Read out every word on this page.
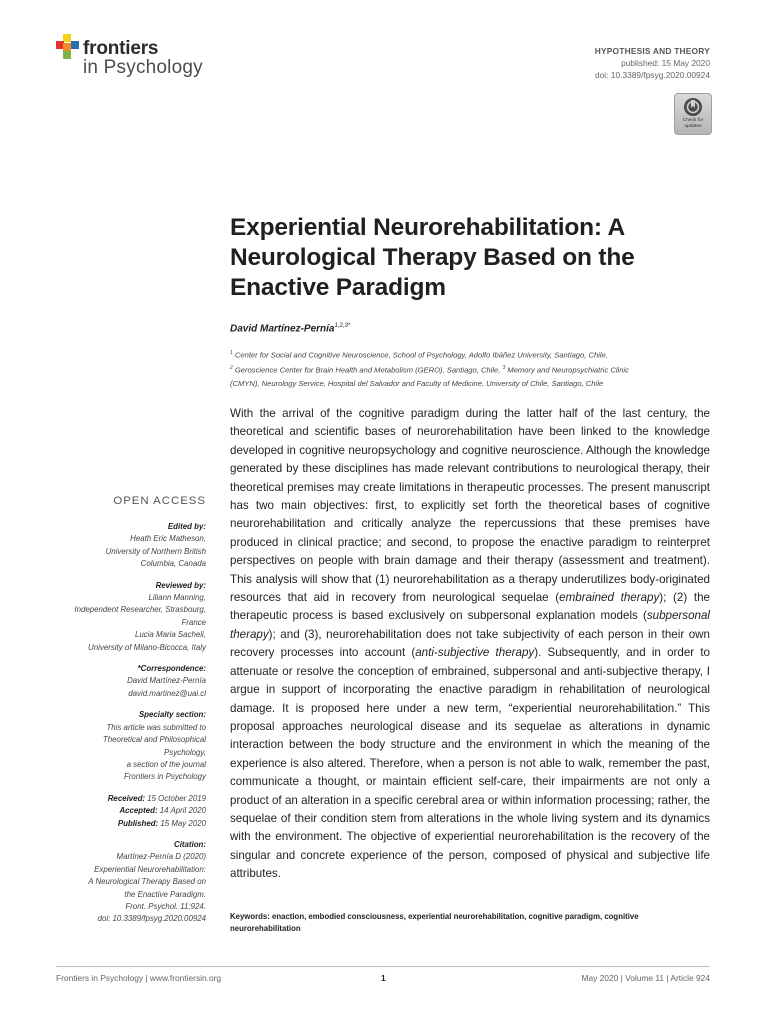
frontiers
in Psychology
HYPOTHESIS AND THEORY
published: 15 May 2020
doi: 10.3389/fpsyg.2020.00924
Check for
updates
Experiential Neurorehabilitation: A
Neurological Therapy Based on the
Enactive Paradigm
David Martínez-Pernía$^{1,2,3*}$
$^1$ Center for Social and Cognitive Neuroscience, School of Psychology, Adolfo Ibáñez University, Santiago, Chile,
$^2$ Geroscience Center for Brain Health and Metabolism (GERO), Santiago, Chile, $^3$ Memory and Neuropsychiatric Clinic
(CMYN), Neurology Service, Hospital del Salvador and Faculty of Medicine, University of Chile, Santiago, Chile
With the arrival of the cognitive paradigm during the latter half of the last century, the theoretical and scientific bases of neurorehabilitation have been linked to the knowledge developed in cognitive neuropsychology and cognitive neuroscience. Although the knowledge generated by these disciplines has made relevant contributions to neurological therapy, their theoretical premises may create limitations in therapeutic processes. The present manuscript has two main objectives: first, to explicitly set forth the theoretical bases of cognitive neurorehabilitation and critically analyze the repercussions that these premises have produced in clinical practice; and second, to propose the enactive paradigm to reinterpret perspectives on people with brain damage and their therapy (assessment and treatment). This analysis will show that (1) neurorehabilitation as a therapy underutilizes body-originated resources that aid in recovery from neurological sequelae (embrained therapy); (2) the therapeutic process is based exclusively on subpersonal explanation models (subpersonal therapy); and (3), neurorehabilitation does not take subjectivity of each person in their own recovery processes into account (anti-subjective therapy). Subsequently, and in order to attenuate or resolve the conception of embrained, subpersonal and anti-subjective therapy, I argue in support of incorporating the enactive paradigm in rehabilitation of neurological damage. It is proposed here under a new term, “experiential neurorehabilitation.” This proposal approaches neurological disease and its sequelae as alterations in dynamic interaction between the body structure and the environment in which the meaning of the experience is also altered. Therefore, when a person is not able to walk, remember the past, communicate a thought, or maintain efficient self-care, their impairments are not only a product of an alteration in a specific cerebral area or within information processing; rather, the sequelae of their condition stem from alterations in the whole living system and its dynamics with the environment. The objective of experiential neurorehabilitation is the recovery of the singular and concrete experience of the person, composed of physical and subjective life attributes.
Keywords: enaction, embodied consciousness, experiential neurorehabilitation, cognitive paradigm, cognitive neurorehabilitation
OPEN ACCESS
Edited by:
Heath Eric Matheson,
University of Northern British
Columbia, Canada
Reviewed by:
Liliann Manning,
Independent Researcher, Strasbourg,
France
Lucia Maria Sacheli,
University of Milano-Bicocca, Italy
*Correspondence:
David Martínez-Pernía
david.martinez@uai.cl
Specialty section:
This article was submitted to
Theoretical and Philosophical
Psychology,
a section of the journal
Frontiers in Psychology
Received: 15 October 2019
Accepted: 14 April 2020
Published: 15 May 2020
Citation:
Martínez-Pernía D (2020)
Experiential Neurorehabilitation:
A Neurological Therapy Based on
the Enactive Paradigm.
Front. Psychol. 11:924.
doi: 10.3389/fpsyg.2020.00924
Frontiers in Psychology | www.frontiersin.org	1	May 2020 | Volume 11 | Article 924
